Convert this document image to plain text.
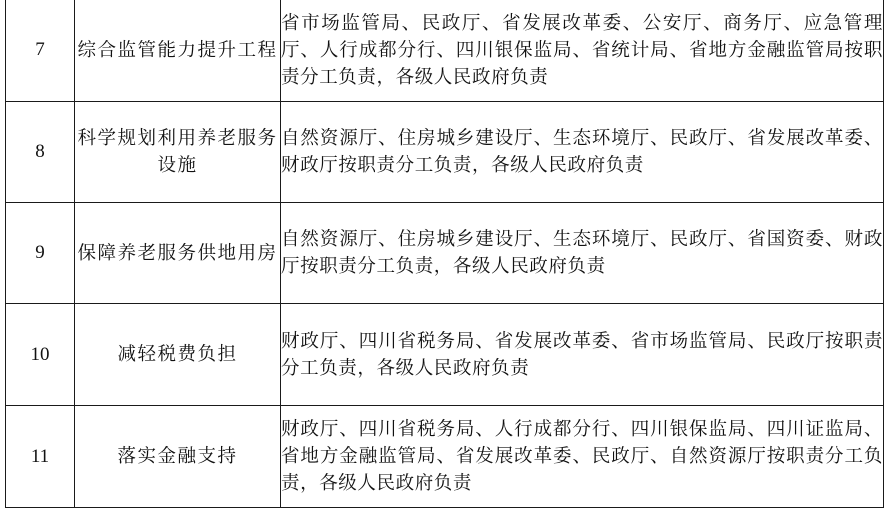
7	综合监管能力提升工程	省市场监管局、民政厅、省发展改革委、公安厅、商务厅、应急管理厅、人行成都分行、四川银保监局、省统计局、省地方金融监管局按职责分工负责，各级人民政府负责
8	科学规划利用养老服务设施	自然资源厅、住房城乡建设厅、生态环境厅、民政厅、省发展改革委、财政厅按职责分工负责，各级人民政府负责
9	保障养老服务供地用房	自然资源厅、住房城乡建设厅、生态环境厅、民政厅、省国资委、财政厅按职责分工负责，各级人民政府负责
10	减轻税费负担	财政厅、四川省税务局、省发展改革委、省市场监管局、民政厅按职责分工负责，各级人民政府负责
11	落实金融支持	财政厅、四川省税务局、人行成都分行、四川银保监局、四川证监局、省地方金融监管局、省发展改革委、民政厅、自然资源厅按职责分工负责，各级人民政府负责
